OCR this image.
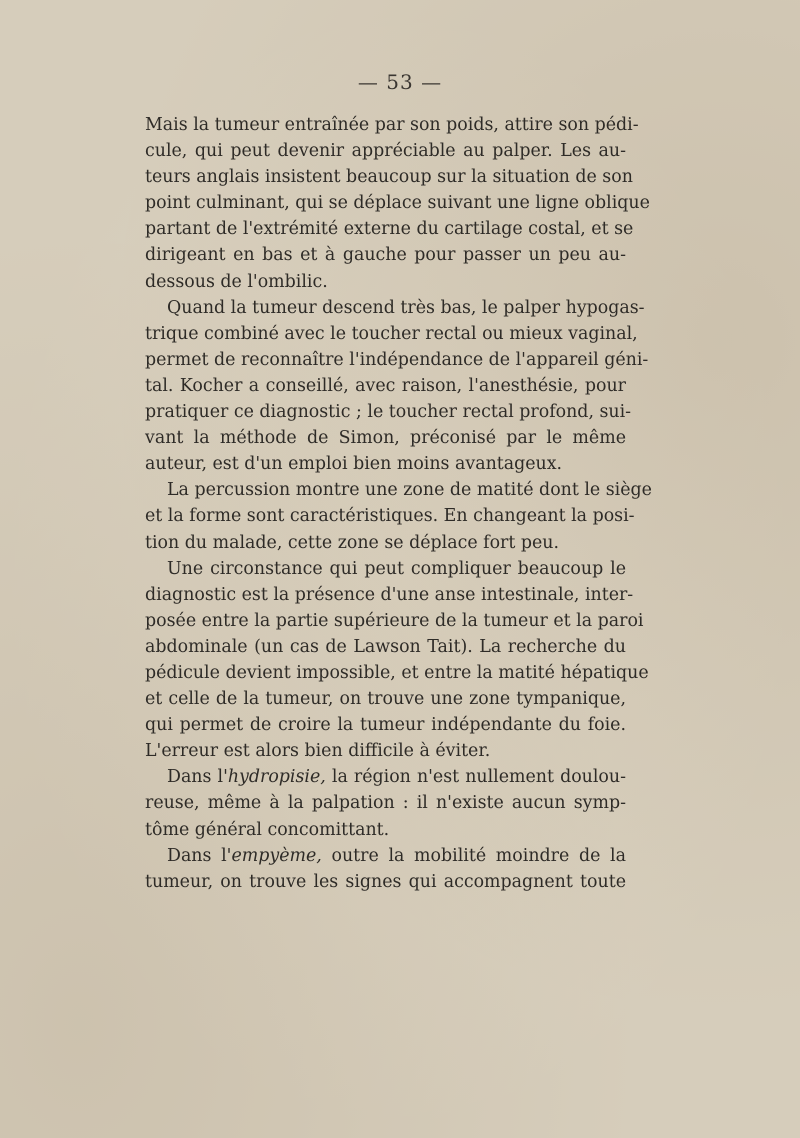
— 53 —
Mais la tumeur entraînée par son poids, attire son pédi-
cule, qui peut devenir appréciable au palper. Les au-
teurs anglais insistent beaucoup sur la situation de son
point culminant, qui se déplace suivant une ligne oblique
partant de l'extrémité externe du cartilage costal, et se
dirigeant en bas et à gauche pour passer un peu au-
dessous de l'ombilic.
Quand la tumeur descend très bas, le palper hypogas-
trique combiné avec le toucher rectal ou mieux vaginal,
permet de reconnaître l'indépendance de l'appareil géni-
tal. Kocher a conseillé, avec raison, l'anesthésie, pour
pratiquer ce diagnostic ; le toucher rectal profond, sui-
vant la méthode de Simon, préconisé par le même
auteur, est d'un emploi bien moins avantageux.
La percussion montre une zone de matité dont le siège
et la forme sont caractéristiques. En changeant la posi-
tion du malade, cette zone se déplace fort peu.
Une circonstance qui peut compliquer beaucoup le
diagnostic est la présence d'une anse intestinale, inter-
posée entre la partie supérieure de la tumeur et la paroi
abdominale (un cas de Lawson Tait). La recherche du
pédicule devient impossible, et entre la matité hépatique
et celle de la tumeur, on trouve une zone tympanique,
qui permet de croire la tumeur indépendante du foie.
L'erreur est alors bien difficile à éviter.
Dans l'hydropisie, la région n'est nullement doulou-
reuse, même à la palpation : il n'existe aucun symp-
tôme général concomittant.
Dans l'empyème, outre la mobilité moindre de la
tumeur, on trouve les signes qui accompagnent toute
